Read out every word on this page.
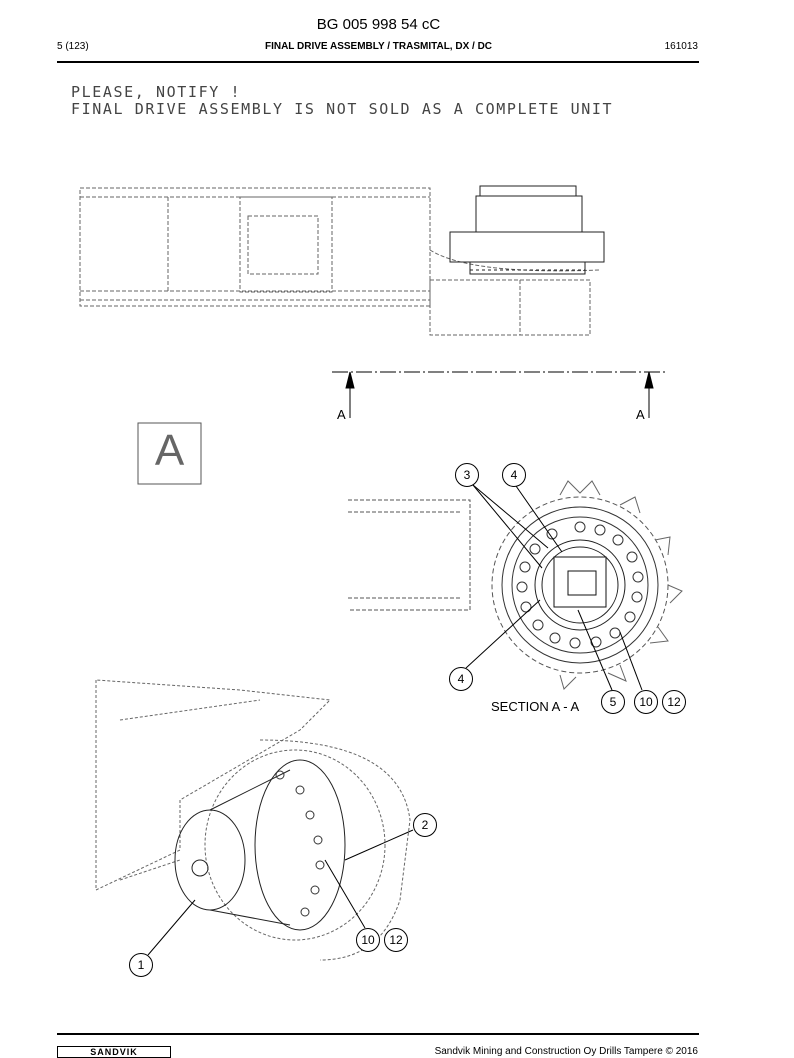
BG 005 998 54 cC
5 (123)	FINAL DRIVE ASSEMBLY / TRASMITAL, DX / DC	161013
PLEASE, NOTIFY !
FINAL DRIVE ASSEMBLY IS NOT SOLD AS A COMPLETE UNIT
A	A
A
SECTION A - A
3	4
4
5	10	12
2
10	12
1
SANDVIK	Sandvik Mining and Construction Oy Drills Tampere © 2016
